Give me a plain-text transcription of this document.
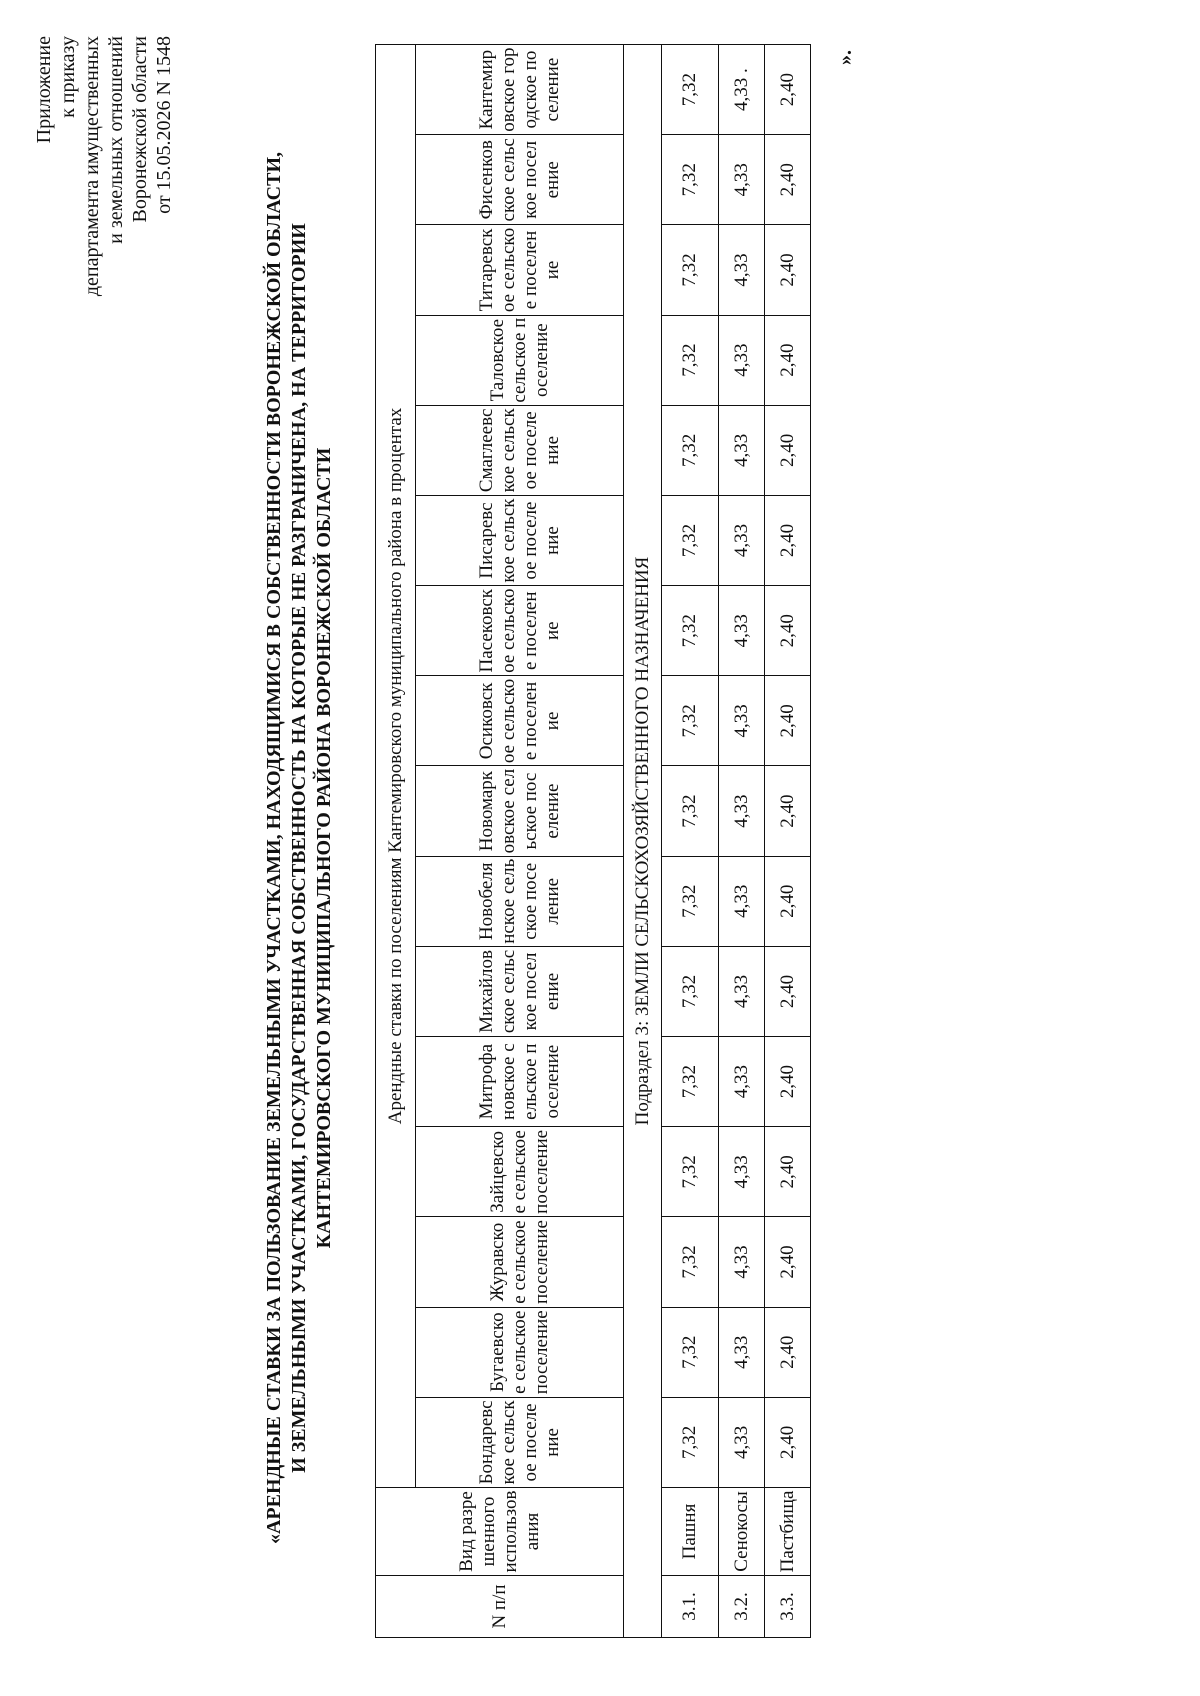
Приложение к приказу департамента имущественных и земельных отношений Воронежской области от 15.05.2026 N 1548
«АРЕНДНЫЕ СТАВКИ ЗА ПОЛЬЗОВАНИЕ ЗЕМЕЛЬНЫМИ УЧАСТКАМИ, НАХОДЯЩИМИСЯ В СОБСТВЕННОСТИ ВОРОНЕЖСКОЙ ОБЛАСТИ, И ЗЕМЕЛЬНЫМИ УЧАСТКАМИ, ГОСУДАРСТВЕННАЯ СОБСТВЕННОСТЬ НА КОТОРЫЕ НЕ РАЗГРАНИЧЕНА, НА ТЕРРИТОРИИ КАНТЕМИРОВСКОГО МУНИЦИПАЛЬНОГО РАЙОНА ВОРОНЕЖСКОЙ ОБЛАСТИ
N п/п	Вид разрешенного использования	Арендные ставки по поселениям Кантемировского муниципального района в процентах															
		Бондаревское сельское поселение	Бугаевское сельское поселение	Журавское сельское поселение	Зайцевское сельское поселение	Митрофановское сельское поселение	Михайловское сельское поселение	Новобелянское сельское поселение	Новомарковское сельское поселение	Осиковское сельское поселение	Пасековское сельское поселение	Писаревское сельское поселение	Смаглеевское сельское поселение	Таловское сельское поселение	Титаревское сельское поселение	Фисенковское сельское поселение	Кантемировское городское поселение
Подраздел 3: ЗЕМЛИ СЕЛЬСКОХОЗЯЙСТВЕННОГО НАЗНАЧЕНИЯ																	
3.1.	Пашня	7,32	7,32	7,32	7,32	7,32	7,32	7,32	7,32	7,32	7,32	7,32	7,32	7,32	7,32	7,32	7,32
3.2.	Сенокосы	4,33	4,33	4,33	4,33	4,33	4,33	4,33	4,33	4,33	4,33	4,33	4,33	4,33	4,33	4,33	4,33 .
3.3.	Пастбища	2,40	2,40	2,40	2,40	2,40	2,40	2,40	2,40	2,40	2,40	2,40	2,40	2,40	2,40	2,40	2,40
».
